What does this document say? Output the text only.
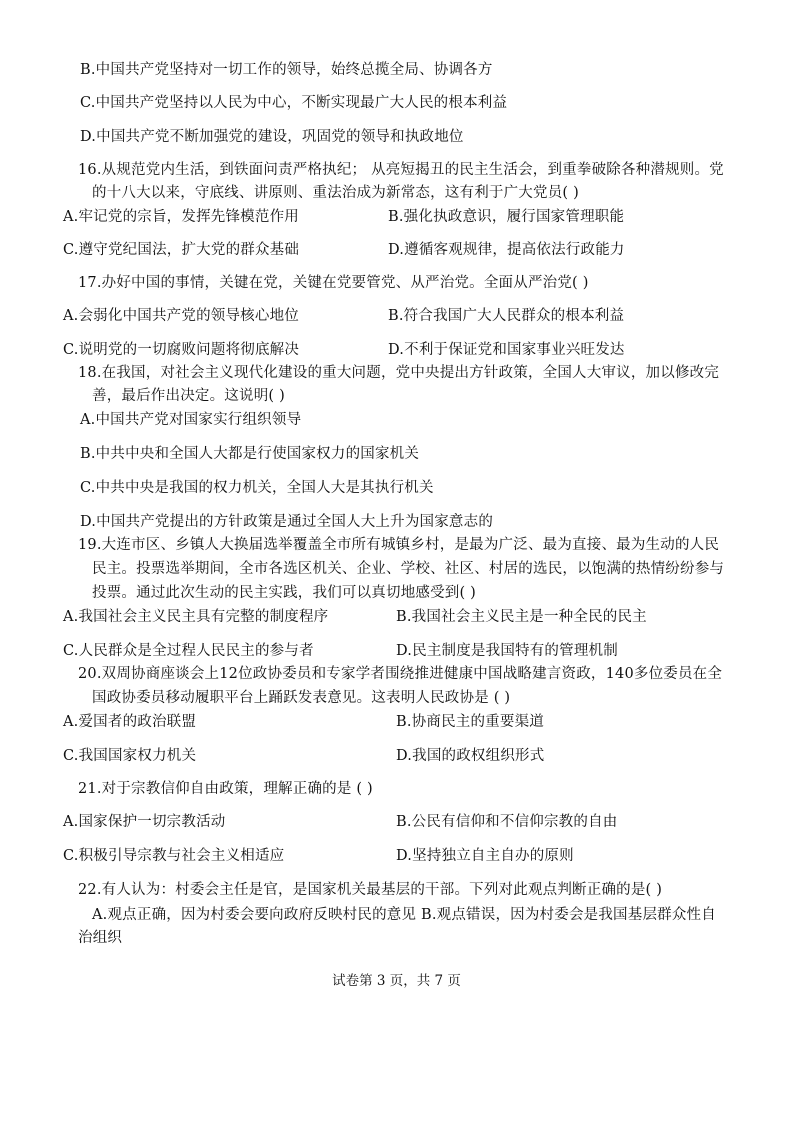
B.中国共产党坚持对一切工作的领导，始终总揽全局、协调各方
C.中国共产党坚持以人民为中心，不断实现最广大人民的根本利益
D.中国共产党不断加强党的建设，巩固党的领导和执政地位
16.从规范党内生活，到铁面问责严格执纪； 从亮短揭丑的民主生活会，到重拳破除各种潜规则。党
的十八大以来，守底线、讲原则、重法治成为新常态，这有利于广大党员( )
A.牢记党的宗旨，发挥先锋模范作用	B.强化执政意识，履行国家管理职能
C.遵守党纪国法，扩大党的群众基础	D.遵循客观规律，提高依法行政能力
17.办好中国的事情，关键在党，关键在党要管党、从严治党。全面从严治党( )
A.会弱化中国共产党的领导核心地位	B.符合我国广大人民群众的根本利益
C.说明党的一切腐败问题将彻底解决	D.不利于保证党和国家事业兴旺发达
18.在我国，对社会主义现代化建设的重大问题，党中央提出方针政策，全国人大审议，加以修改完
善，最后作出决定。这说明( )
A.中国共产党对国家实行组织领导
B.中共中央和全国人大都是行使国家权力的国家机关
C.中共中央是我国的权力机关，全国人大是其执行机关
D.中国共产党提出的方针政策是通过全国人大上升为国家意志的
19.大连市区、乡镇人大换届选举覆盖全市所有城镇乡村，是最为广泛、最为直接、最为生动的人民
民主。投票选举期间，全市各选区机关、企业、学校、社区、村居的选民，以饱满的热情纷纷参与
投票。通过此次生动的民主实践，我们可以真切地感受到( )
A.我国社会主义民主具有完整的制度程序	B.我国社会主义民主是一种全民的民主
C.人民群众是全过程人民民主的参与者	D.民主制度是我国特有的管理机制
20.双周协商座谈会上12位政协委员和专家学者围绕推进健康中国战略建言资政，140多位委员在全
国政协委员移动履职平台上踊跃发表意见。这表明人民政协是 ( )
A.爱国者的政治联盟	B.协商民主的重要渠道
C.我国国家权力机关	D.我国的政权组织形式
21.对于宗教信仰自由政策，理解正确的是 ( )
A.国家保护一切宗教活动	B.公民有信仰和不信仰宗教的自由
C.积极引导宗教与社会主义相适应	D.坚持独立自主自办的原则
22.有人认为：村委会主任是官，是国家机关最基层的干部。下列对此观点判断正确的是( )
A.观点正确，因为村委会要向政府反映村民的意见 B.观点错误，因为村委会是我国基层群众性自
治组织
试卷第 3 页，共 7 页
